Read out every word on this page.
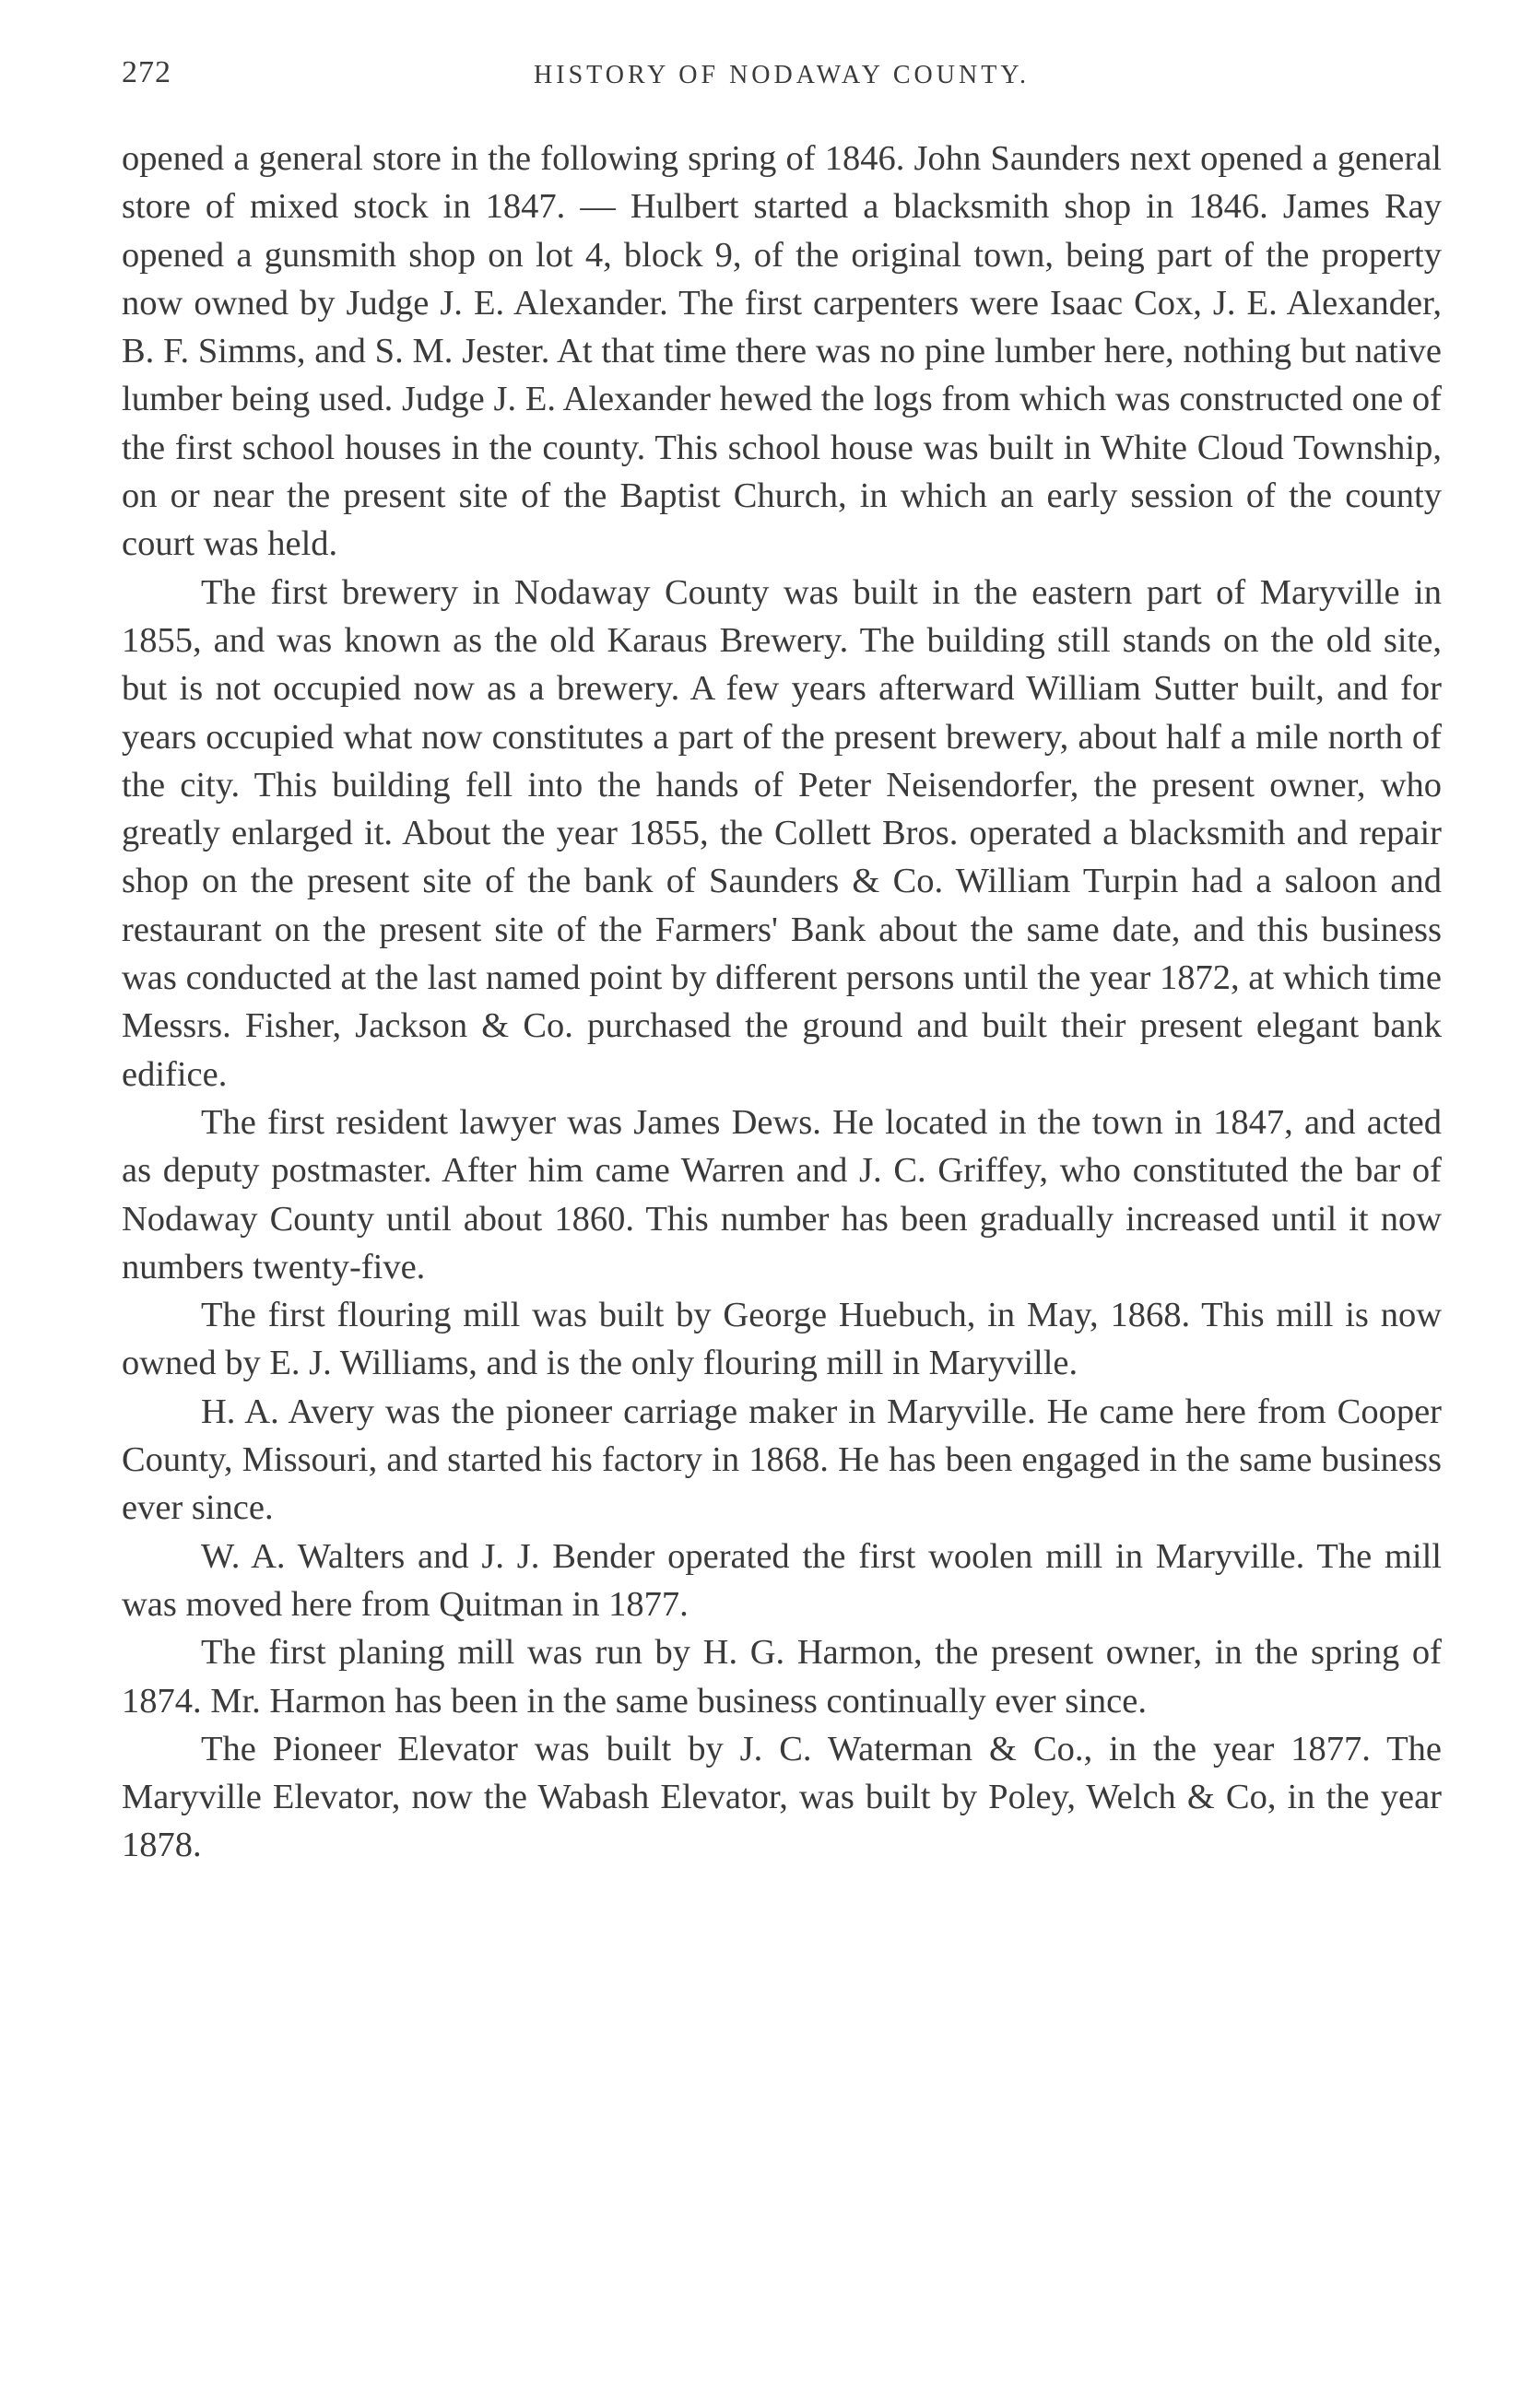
272	HISTORY OF NODAWAY COUNTY.

opened a general store in the following spring of 1846. John Saunders next opened a general store of mixed stock in 1847. — Hulbert started a blacksmith shop in 1846. James Ray opened a gunsmith shop on lot 4, block 9, of the original town, being part of the property now owned by Judge J. E. Alexander. The first carpenters were Isaac Cox, J. E. Alexander, B. F. Simms, and S. M. Jester. At that time there was no pine lumber here, nothing but native lumber being used. Judge J. E. Alexander hewed the logs from which was constructed one of the first school houses in the county. This school house was built in White Cloud Township, on or near the present site of the Baptist Church, in which an early session of the county court was held.

The first brewery in Nodaway County was built in the eastern part of Maryville in 1855, and was known as the old Karaus Brewery. The building still stands on the old site, but is not occupied now as a brewery. A few years afterward William Sutter built, and for years occupied what now constitutes a part of the present brewery, about half a mile north of the city. This building fell into the hands of Peter Neisendorfer, the present owner, who greatly enlarged it. About the year 1855, the Collett Bros. operated a blacksmith and repair shop on the present site of the bank of Saunders & Co. William Turpin had a saloon and restaurant on the present site of the Farmers' Bank about the same date, and this business was conducted at the last named point by different persons until the year 1872, at which time Messrs. Fisher, Jackson & Co. purchased the ground and built their present elegant bank edifice.

The first resident lawyer was James Dews. He located in the town in 1847, and acted as deputy postmaster. After him came Warren and J. C. Griffey, who constituted the bar of Nodaway County until about 1860. This number has been gradually increased until it now numbers twenty-five.

The first flouring mill was built by George Huebuch, in May, 1868. This mill is now owned by E. J. Williams, and is the only flouring mill in Maryville.

H. A. Avery was the pioneer carriage maker in Maryville. He came here from Cooper County, Missouri, and started his factory in 1868. He has been engaged in the same business ever since.

W. A. Walters and J. J. Bender operated the first woolen mill in Maryville. The mill was moved here from Quitman in 1877.

The first planing mill was run by H. G. Harmon, the present owner, in the spring of 1874. Mr. Harmon has been in the same business continually ever since.

The Pioneer Elevator was built by J. C. Waterman & Co., in the year 1877. The Maryville Elevator, now the Wabash Elevator, was built by Poley, Welch & Co, in the year 1878.
